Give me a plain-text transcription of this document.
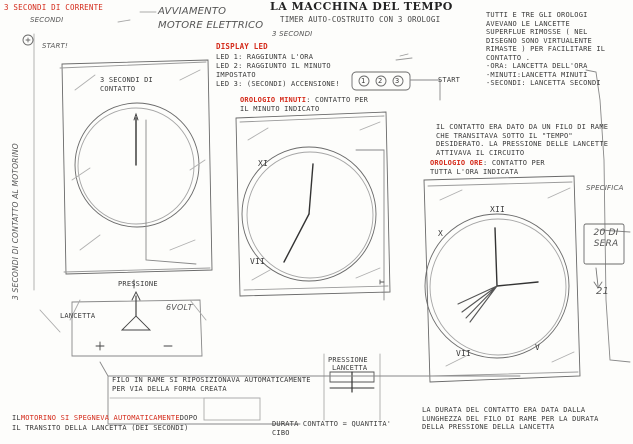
LA MACCHINA DEL TEMPO
TIMER AUTO-COSTRUITO CON 3 OROLOGI
3 SECONDI DI CORRENTE
SECONDI
START!
AVVIAMENTO
MOTORE ELETTRICO
3 SECONDI
3 SECONDI DI CONTATTO AL MOTORINO
DISPLAY LED
LED 1: RAGGIUNTA L'ORA
LED 2: RAGGIUNTO IL MINUTO IMPOSTATO
LED 3: (SECONDI) ACCENSIONE!	1 2 3
3 SECONDI DI CONTATTO
OROLOGIO MINUTI: CONTATTO PER IL MINUTO INDICATO
TUTTI E TRE GLI OROLOGI
AVEVANO LE LANCETTE
SUPERFLUE RIMOSSE ( NEL
DISEGNO SONO VIRTUALENTE
RIMASTE ) PER FACILITARE IL
CONTATTO .
-ORA: LANCETTA DELL'ORA
-MINUTI:LANCETTA MINUTI
-SECONDI: LANCETTA SECONDI
START
IL CONTATTO ERA DATO DA UN FILO DI RAME
CHE TRANSITAVA SOTTO IL "TEMPO"
DESIDERATO. LA PRESSIONE DELLE LANCETTE
ATTIVAVA IL CIRCUITO
OROLOGIO ORE: CONTATTO PER TUTTA L'ORA INDICATA
SPECIFICA
20 DI SERA
21
XI
XII
VII
V
VII
X
PRESSIONE
LANCETTA
6VOLT
FILO IN RAME SI RIPOSIZIONAVA AUTOMATICAMENTE
PER VIA DELLA FORMA CREATA
PRESSIONE
LANCETTA
ILMOTORINO SI SPEGNEVA AUTOMATICAMENTEDOPO
IL TRANSITO DELLA LANCETTA (DEI SECONDI)	DURATA CONTATTO = QUANTITA' CIBO
LA DURATA DEL CONTATTO ERA DATA DALLA
LUNGHEZZA DEL FILO DI RAME PER LA DURATA
DELLA PRESSIONE DELLA LANCETTA
